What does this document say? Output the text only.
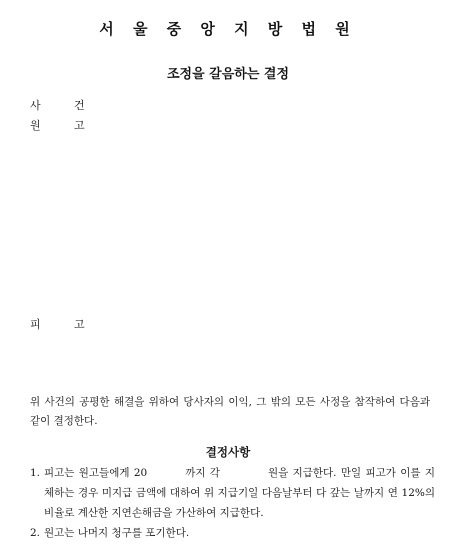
서 울 중 앙 지 방 법 원
조정을 갈음하는 결정
사	건
원	고
피	고
위 사건의 공평한 해결을 위하여 당사자의 이익, 그 밖의 모든 사정을 참작하여 다음과 같이 결정한다.
결정사항
1. 피고는 원고들에게 20	까지 각	원을 지급한다. 만일 피고가 이를 지체하는 경우 미지급 금액에 대하여 위 지급기일 다음날부터 다 갚는 날까지 연 12%의 비율로 계산한 지연손해금을 가산하여 지급한다.
2. 원고는 나머지 청구를 포기한다.
